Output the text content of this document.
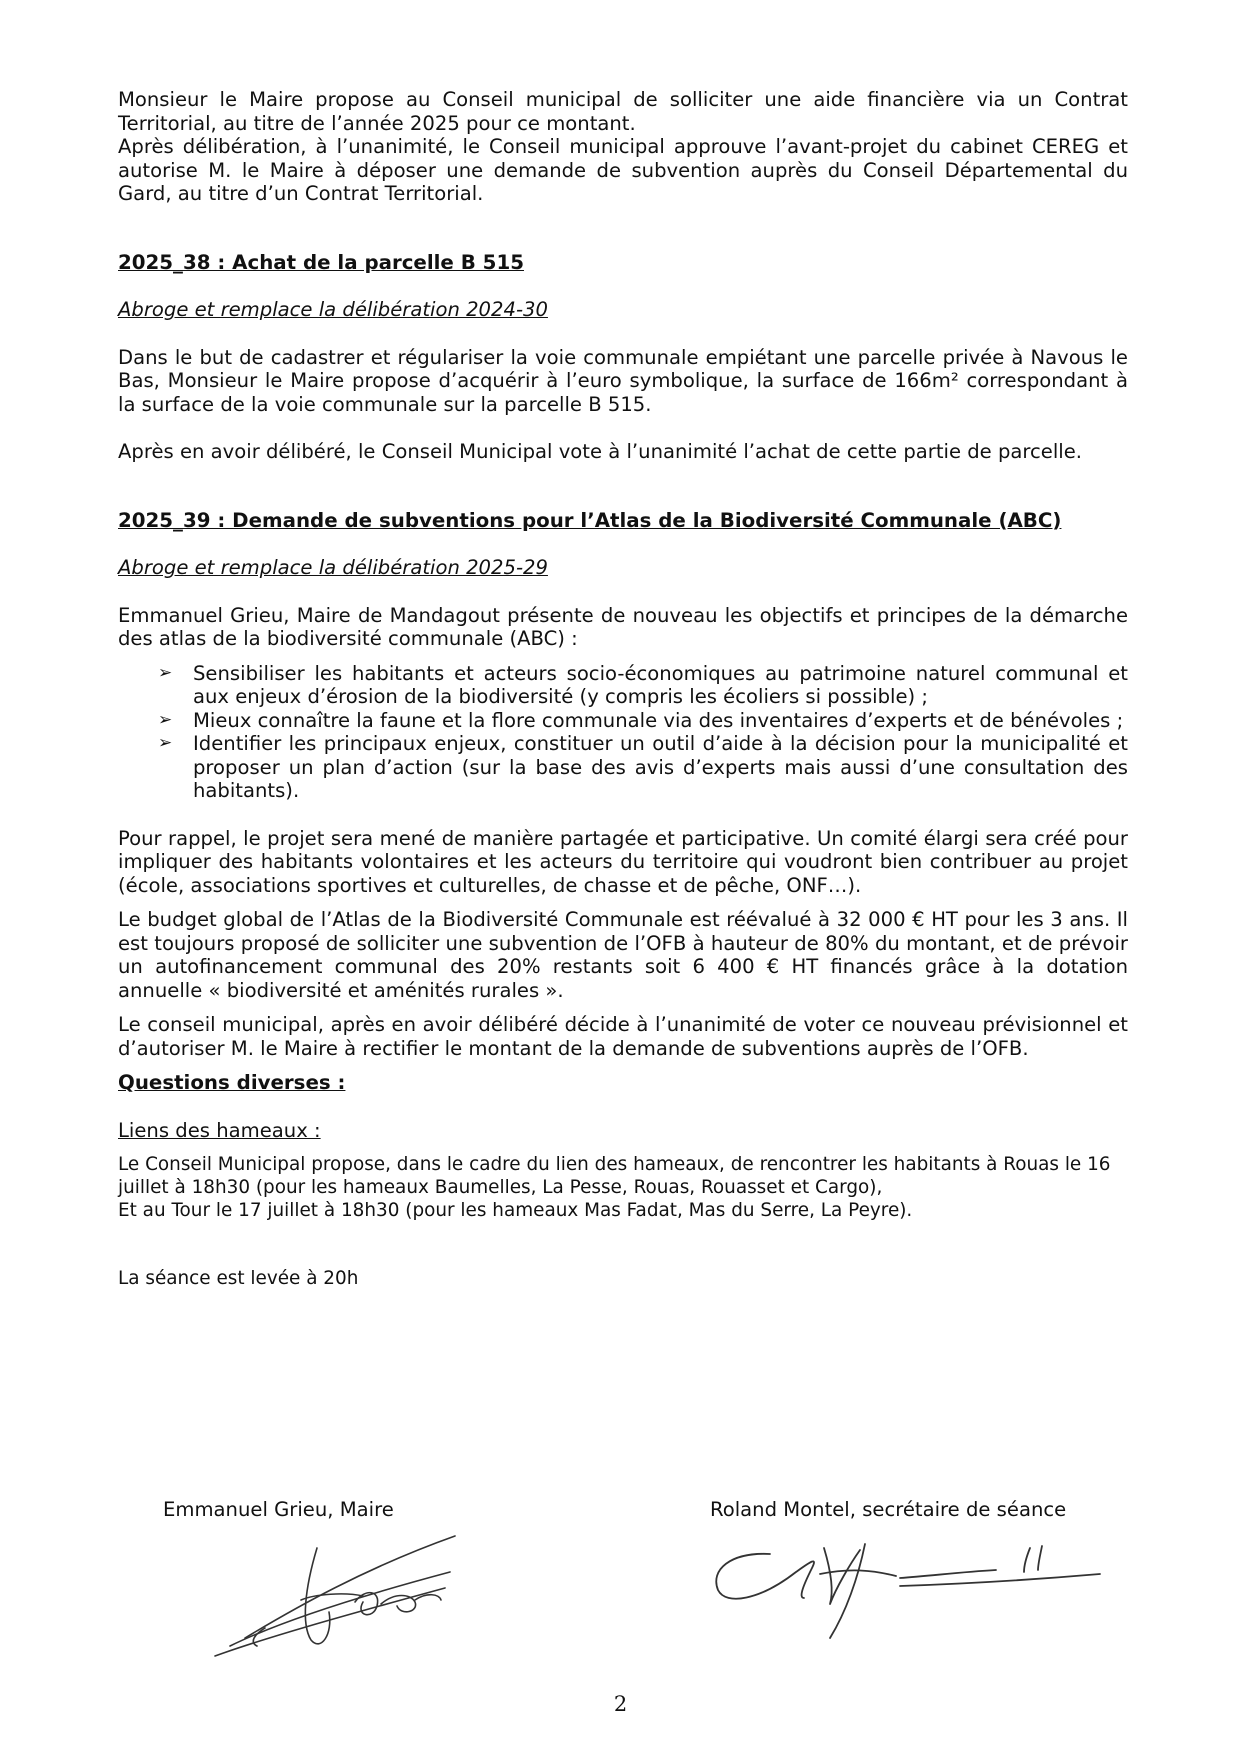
Monsieur le Maire propose au Conseil municipal de solliciter une aide financière via un Contrat Territorial, au titre de l’année 2025 pour ce montant.

Après délibération, à l’unanimité, le Conseil municipal approuve l’avant-projet du cabinet CEREG et autorise M. le Maire à déposer une demande de subvention auprès du Conseil Départemental du Gard, au titre d’un Contrat Territorial.

2025_38 : Achat de la parcelle B 515

Abroge et remplace la délibération 2024-30

Dans le but de cadastrer et régulariser la voie communale empiétant une parcelle privée à Navous le Bas, Monsieur le Maire propose d’acquérir à l’euro symbolique, la surface de 166m² correspondant à la surface de la voie communale sur la parcelle B 515.

Après en avoir délibéré, le Conseil Municipal vote à l’unanimité l’achat de cette partie de parcelle.

2025_39 : Demande de subventions pour l’Atlas de la Biodiversité Communale (ABC)

Abroge et remplace la délibération 2025-29

Emmanuel Grieu, Maire de Mandagout présente de nouveau les objectifs et principes de la démarche des atlas de la biodiversité communale (ABC) :

➢ Sensibiliser les habitants et acteurs socio-économiques au patrimoine naturel communal et aux enjeux d’érosion de la biodiversité (y compris les écoliers si possible) ;
➢ Mieux connaître la faune et la flore communale via des inventaires d’experts et de bénévoles ;
➢ Identifier les principaux enjeux, constituer un outil d’aide à la décision pour la municipalité et proposer un plan d’action (sur la base des avis d’experts mais aussi d’une consultation des habitants).

Pour rappel, le projet sera mené de manière partagée et participative. Un comité élargi sera créé pour impliquer des habitants volontaires et les acteurs du territoire qui voudront bien contribuer au projet (école, associations sportives et culturelles, de chasse et de pêche, ONF…).

Le budget global de l’Atlas de la Biodiversité Communale est réévalué à 32 000 € HT pour les 3 ans. Il est toujours proposé de solliciter une subvention de l’OFB à hauteur de 80% du montant, et de prévoir un autofinancement communal des 20% restants soit 6 400 € HT financés grâce à la dotation annuelle « biodiversité et aménités rurales ».

Le conseil municipal, après en avoir délibéré décide à l’unanimité de voter ce nouveau prévisionnel et d’autoriser M. le Maire à rectifier le montant de la demande de subventions auprès de l’OFB.

Questions diverses :

Liens des hameaux :

Le Conseil Municipal propose, dans le cadre du lien des hameaux, de rencontrer les habitants à Rouas le 16 juillet à 18h30 (pour les hameaux Baumelles, La Pesse, Rouas, Rouasset et Cargo),

Et au Tour le 17 juillet à 18h30 (pour les hameaux Mas Fadat, Mas du Serre, La Peyre).

La séance est levée à 20h

Emmanuel Grieu, Maire	Roland Montel, secrétaire de séance
2
